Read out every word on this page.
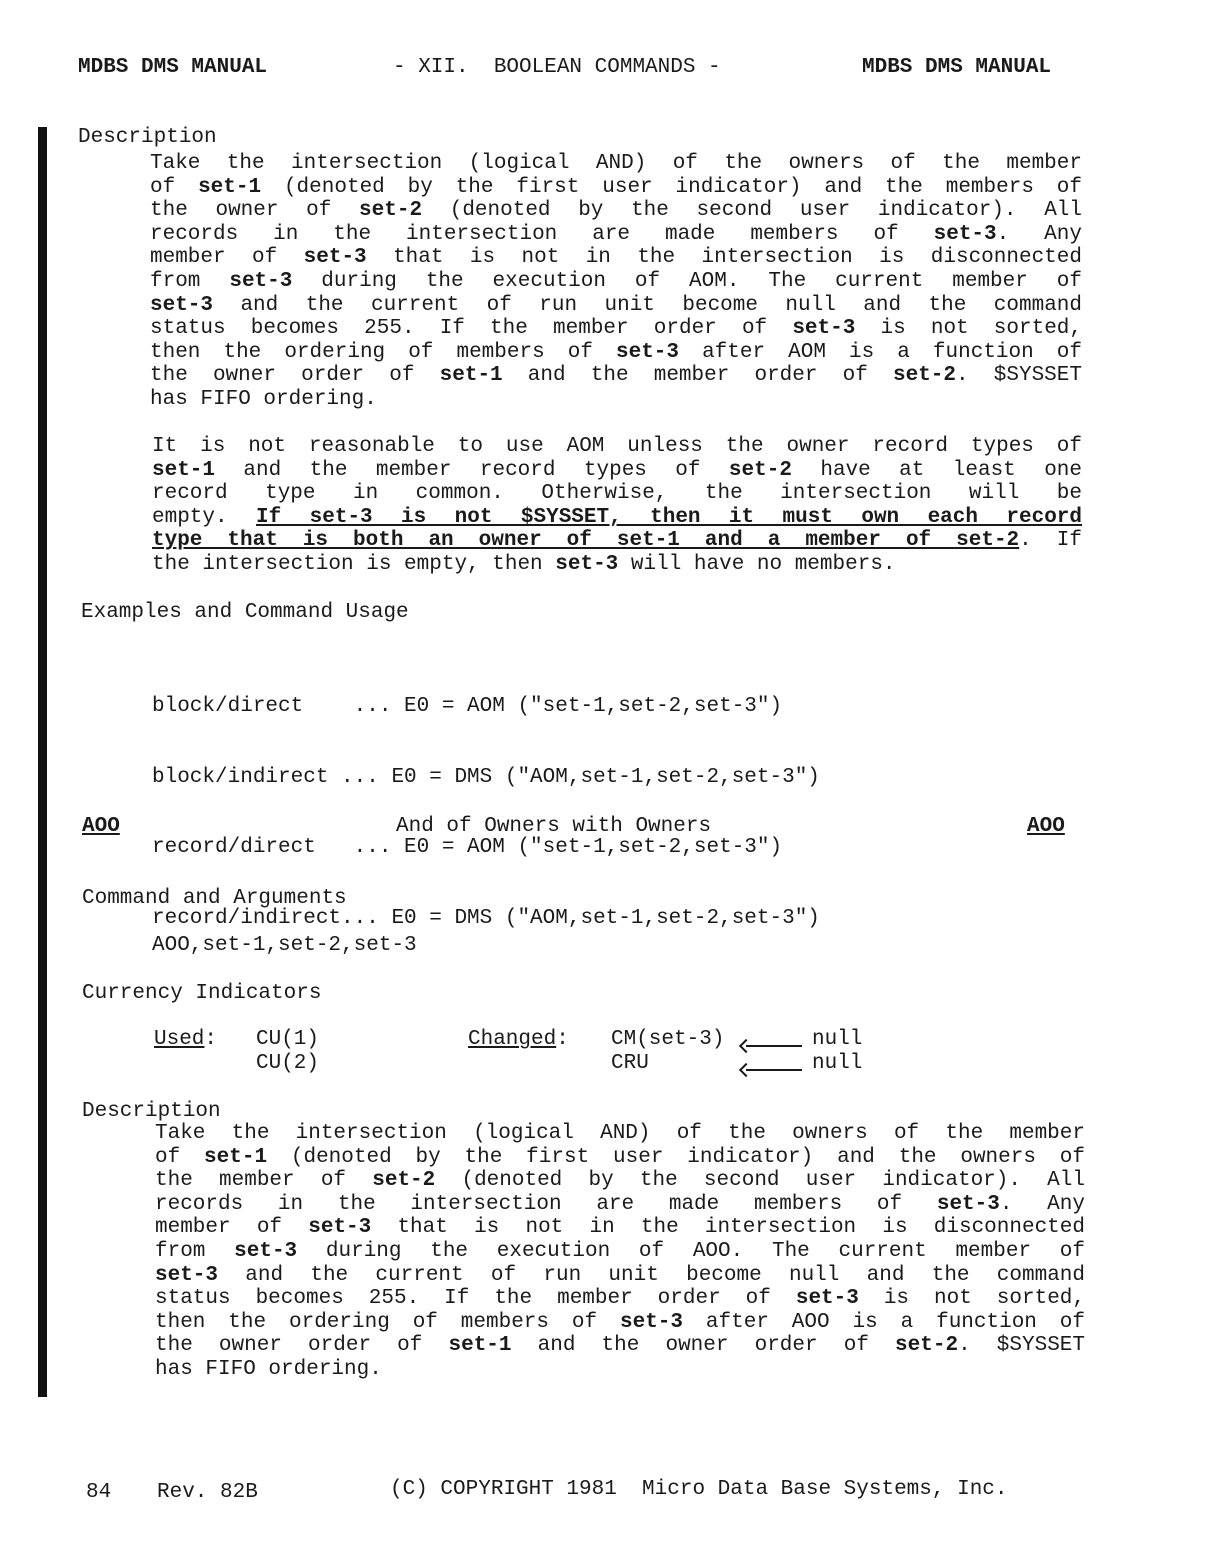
MDBS DMS MANUAL	- XII.  BOOLEAN COMMANDS -	MDBS DMS MANUAL
Description
Take the intersection (logical AND) of the owners of the member
of set-1 (denoted by the first user indicator) and the members of
the owner of set-2 (denoted by the second user indicator). All
records in the intersection are made members of set-3. Any
member of set-3 that is not in the intersection is disconnected
from set-3 during the execution of AOM. The current member of
set-3 and the current of run unit become null and the command
status becomes 255. If the member order of set-3 is not sorted,
then the ordering of members of set-3 after AOM is a function of
the owner order of set-1 and the member order of set-2. $SYSSET
has FIFO ordering.
It is not reasonable to use AOM unless the owner record types of
set-1 and the member record types of set-2 have at least one
record type in common. Otherwise, the intersection will be
empty. If set-3 is not $SYSSET, then it must own each record
type that is both an owner of set-1 and a member of set-2. If
the intersection is empty, then set-3 will have no members.
Examples and Command Usage

block/direct    ... E0 = AOM ("set-1,set-2,set-3")

block/indirect ... E0 = DMS ("AOM,set-1,set-2,set-3")

record/direct   ... E0 = AOM ("set-1,set-2,set-3")

record/indirect... E0 = DMS ("AOM,set-1,set-2,set-3")

AOO	And of Owners with Owners	AOO
Command and Arguments
AOO,set-1,set-2,set-3
Currency Indicators
Used: CU(1)
CU(2)
Changed: CM(set-3)	null
CRU	null
Description
Take the intersection (logical AND) of the owners of the member
of set-1 (denoted by the first user indicator) and the owners of
the member of set-2 (denoted by the second user indicator). All
records in the intersection are made members of set-3. Any
member of set-3 that is not in the intersection is disconnected
from set-3 during the execution of AOO. The current member of
set-3 and the current of run unit become null and the command
status becomes 255. If the member order of set-3 is not sorted,
then the ordering of members of set-3 after AOO is a function of
the owner order of set-1 and the owner order of set-2. $SYSSET
has FIFO ordering.
84 Rev. 82B	(C) COPYRIGHT 1981  Micro Data Base Systems, Inc.
